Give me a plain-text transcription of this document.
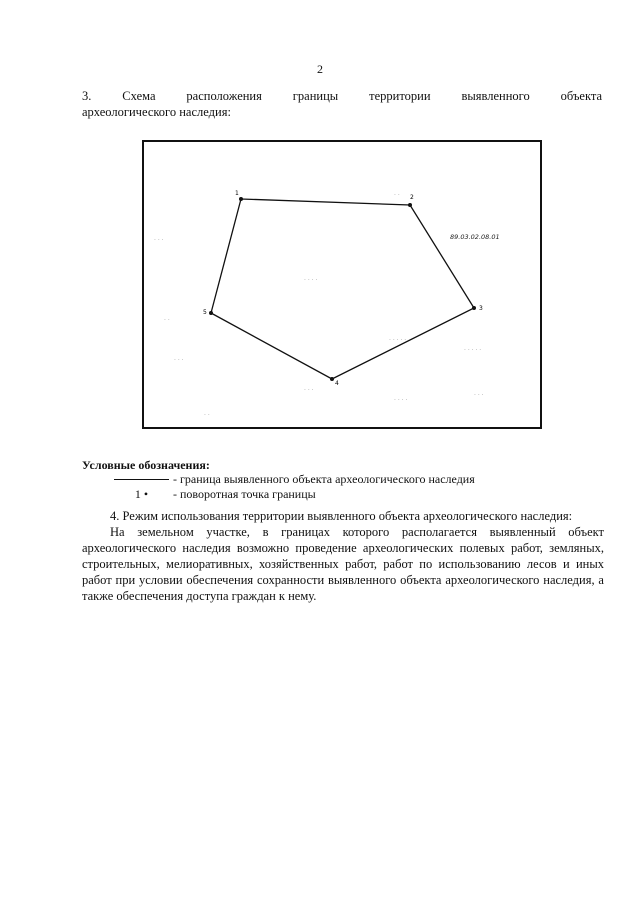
2
3. Схема расположения границы территории выявленного объекта
археологического наследия:
· · ·
· · ·
· · · ·
· ·
· · · · ·
· · · ·
· · · · ·
· · ·
· ·
· · ·
· ·
1
2
3
4
5
89.03.02.08.01
Условные обозначения:
- граница выявленного объекта археологического наследия
1 •	- поворотная точка границы

4. Режим использования территории выявленного объекта археологического наследия:

На земельном участке, в границах которого располагается выявленный объект археологического наследия возможно проведение археологических полевых работ, земляных, строительных, мелиоративных, хозяйственных работ, работ по использованию лесов и иных работ при условии обеспечения сохранности выявленного объекта археологического наследия, а также обеспечения доступа граждан к нему.
